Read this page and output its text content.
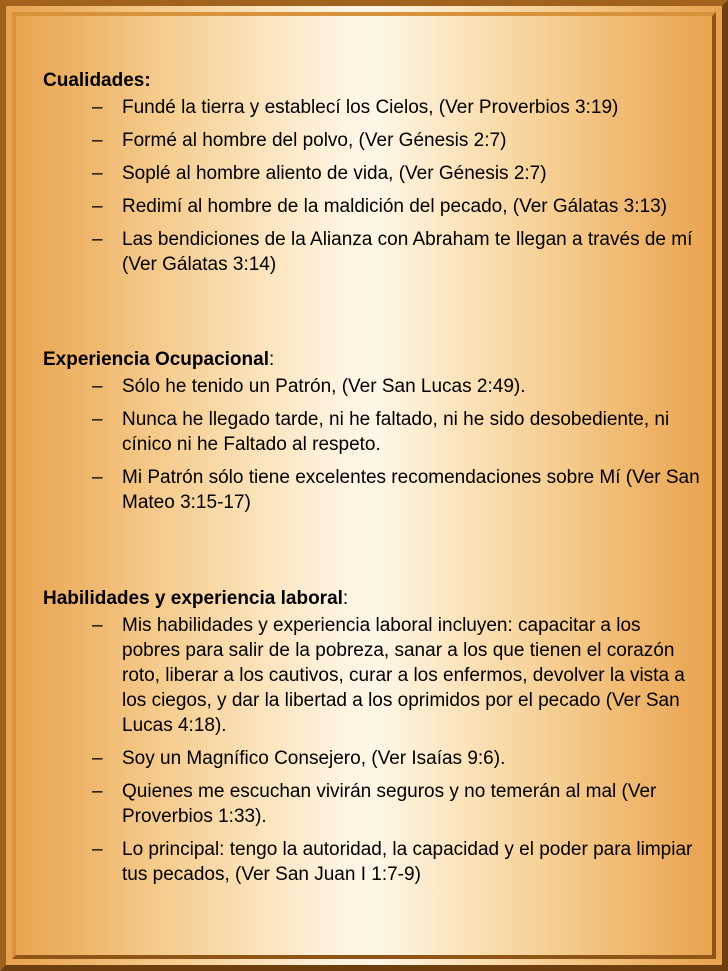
Cualidades:

– Fundé la tierra y establecí los Cielos, (Ver Proverbios 3:19)
– Formé al hombre del polvo, (Ver Génesis 2:7)
– Soplé al hombre aliento de vida, (Ver Génesis 2:7)
– Redimí al hombre de la maldición del pecado, (Ver Gálatas 3:13)
– Las bendiciones de la Alianza con Abraham te llegan a través de mí (Ver Gálatas 3:14)

Experiencia Ocupacional:

– Sólo he tenido un Patrón, (Ver San Lucas 2:49).
– Nunca he llegado tarde, ni he faltado, ni he sido desobediente, ni cínico ni he Faltado al respeto.
– Mi Patrón sólo tiene excelentes recomendaciones sobre Mí (Ver San Mateo 3:15-17)

Habilidades y experiencia laboral:

– Mis habilidades y experiencia laboral incluyen: capacitar a los pobres para salir de la pobreza, sanar a los que tienen el corazón roto, liberar a los cautivos, curar a los enfermos, devolver la vista a los ciegos, y dar la libertad a los oprimidos por el pecado (Ver San Lucas 4:18).
– Soy un Magnífico Consejero, (Ver Isaías 9:6).
– Quienes me escuchan vivirán seguros y no temerán al mal (Ver Proverbios 1:33).
– Lo principal: tengo la autoridad, la capacidad y el poder para limpiar tus pecados, (Ver San Juan I 1:7-9)
